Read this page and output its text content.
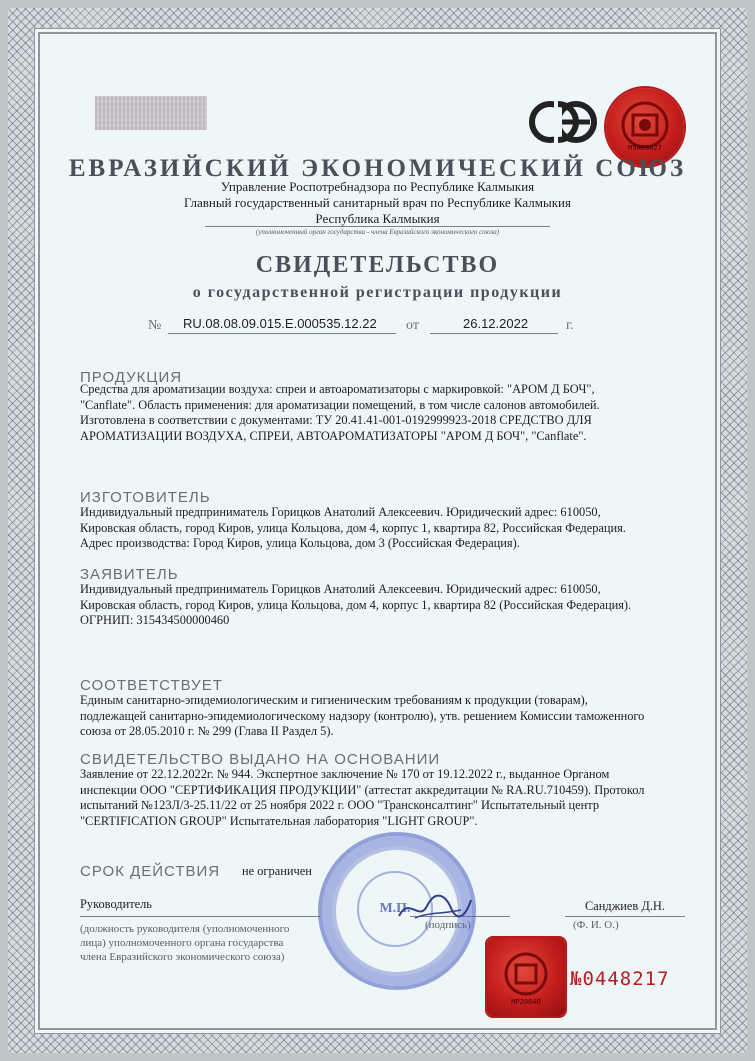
М5А06827
ЕВРАЗИЙСКИЙ ЭКОНОМИЧЕСКИЙ СОЮЗ
Управление Роспотребнадзора по Республике Калмыкия
Главный государственный санитарный врач по Республике Калмыкия
Республика Калмыкия
(уполномоченный орган государства - члена Евразийского экономического союза)
СВИДЕТЕЛЬСТВО
о государственной регистрации продукции
№ RU.08.08.09.015.E.000535.12.22 от	26.12.2022	г.
ПРОДУКЦИЯ
Средства для ароматизации воздуха: спреи и автоароматизаторы с маркировкой: "АРОМ Д БОЧ",
"Canflate". Область применения: для ароматизации помещений, в том числе салонов автомобилей.
Изготовлена в соответствии с документами: ТУ 20.41.41-001-0192999923-2018 СРЕДСТВО ДЛЯ
АРОМАТИЗАЦИИ ВОЗДУХА, СПРЕИ, АВТОАРОМАТИЗАТОРЫ "АРОМ Д БОЧ", "Canflate".
ИЗГОТОВИТЕЛЬ
Индивидуальный предприниматель Горицков Анатолий Алексеевич. Юридический адрес: 610050,
Кировская область, город Киров, улица Кольцова, дом 4, корпус 1, квартира 82, Российская Федерация.
Адрес производства: Город Киров, улица Кольцова, дом 3 (Российская Федерация).
ЗАЯВИТЕЛЬ
Индивидуальный предприниматель Горицков Анатолий Алексеевич. Юридический адрес: 610050,
Кировская область, город Киров, улица Кольцова, дом 4, корпус 1, квартира 82 (Российская Федерация).
ОГРНИП: 315434500000460
СООТВЕТСТВУЕТ
Единым санитарно-эпидемиологическим и гигиеническим требованиям к продукции (товарам),
подлежащей санитарно-эпидемиологическому надзору (контролю), утв. решением Комиссии таможенного
союза от 28.05.2010 г. № 299 (Глава II Раздел 5).
СВИДЕТЕЛЬСТВО ВЫДАНО НА ОСНОВАНИИ
Заявление от 22.12.2022г. № 944. Экспертное заключение № 170 от 19.12.2022 г., выданное Органом
инспекции ООО "СЕРТИФИКАЦИЯ ПРОДУКЦИИ" (аттестат аккредитации № RA.RU.710459). Протокол
испытаний №123Л/3-25.11/22 от 25 ноября 2022 г. ООО "Трансконсалтинг" Испытательный центр
"CERTIFICATION GROUP" Испытательная лаборатория "LIGHT GROUP".
СРОК ДЕЙСТВИЯ не ограничен
Руководитель	Санджиев Д.Н.
(подпись)	(Ф. И. О.)
(должность руководителя (уполномоченного
лица) уполномоченного органа государства
члена Евразийского экономического союза)
М.П.
МР2064П
№0448217
